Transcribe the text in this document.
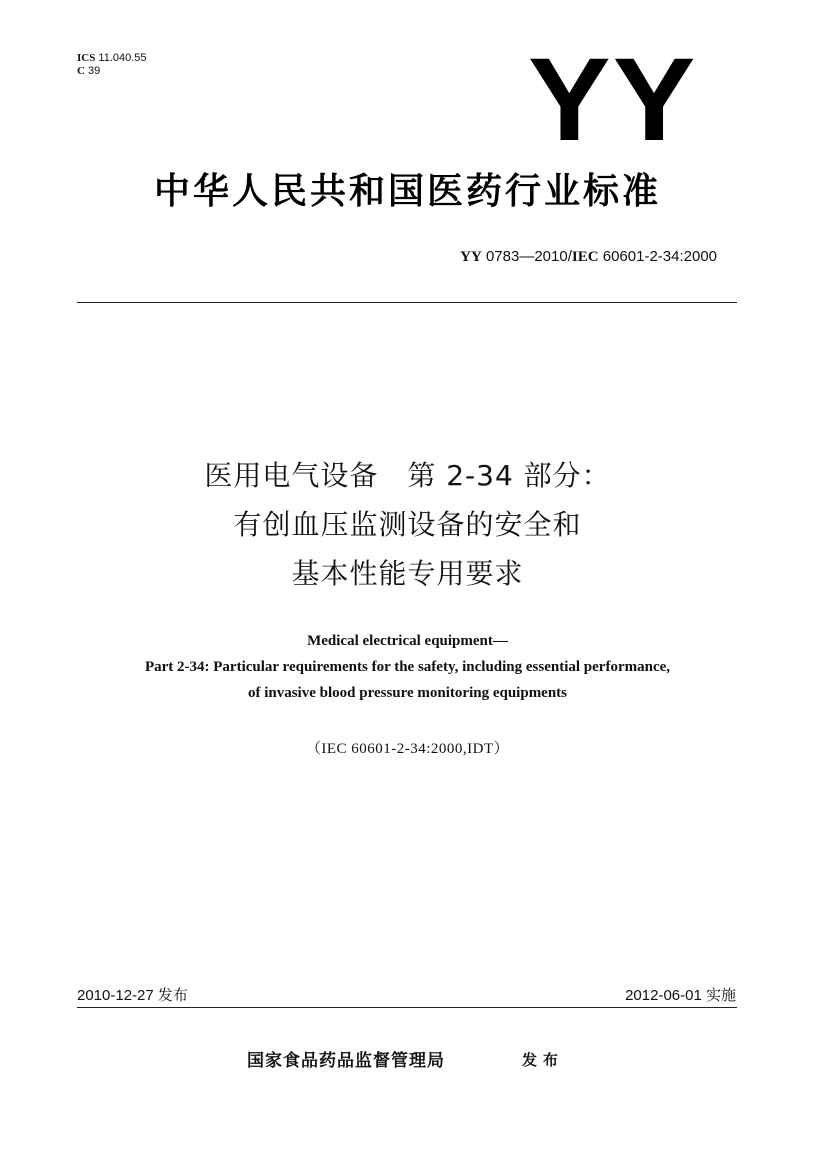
ICS 11.040.55
C 39	YY
中华人民共和国医药行业标准
YY 0783—2010/IEC 60601-2-34:2000
医用电气设备　第 2-34 部分：
有创血压监测设备的安全和
基本性能专用要求
Medical electrical equipment—
Part 2-34: Particular requirements for the safety, including essential performance,
of invasive blood pressure monitoring equipments
（IEC 60601-2-34:2000,IDT）
2010-12-27 发布	2012-06-01 实施
国家食品药品监督管理局	发布
